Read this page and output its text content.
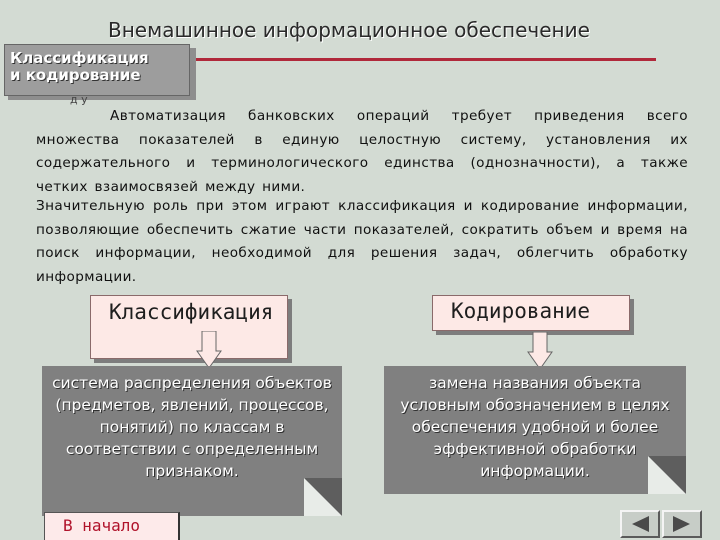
Внемашинное информационное обеспечение
Классификация
и кодирование
д у
Автоматизация банковских операций требует приведения всего множества показателей в единую целостную систему, установления их содержательного и терминологического единства (однозначности), а также четких взаимосвязей между ними.
Значительную роль при этом играют классификация и кодирование информации, позволяющие обеспечить сжатие части показателей, сократить объем и время на поиск информации, необходимой для решения задач, облегчить обработку информации.
Классификация	Кодирование
система распределения объектов (предметов, явлений, процессов, понятий) по классам в соответствии с определенным признаком.
замена названия объекта условным обозначением в целях обеспечения удобной и более эффективной обработки информации.
В начало
